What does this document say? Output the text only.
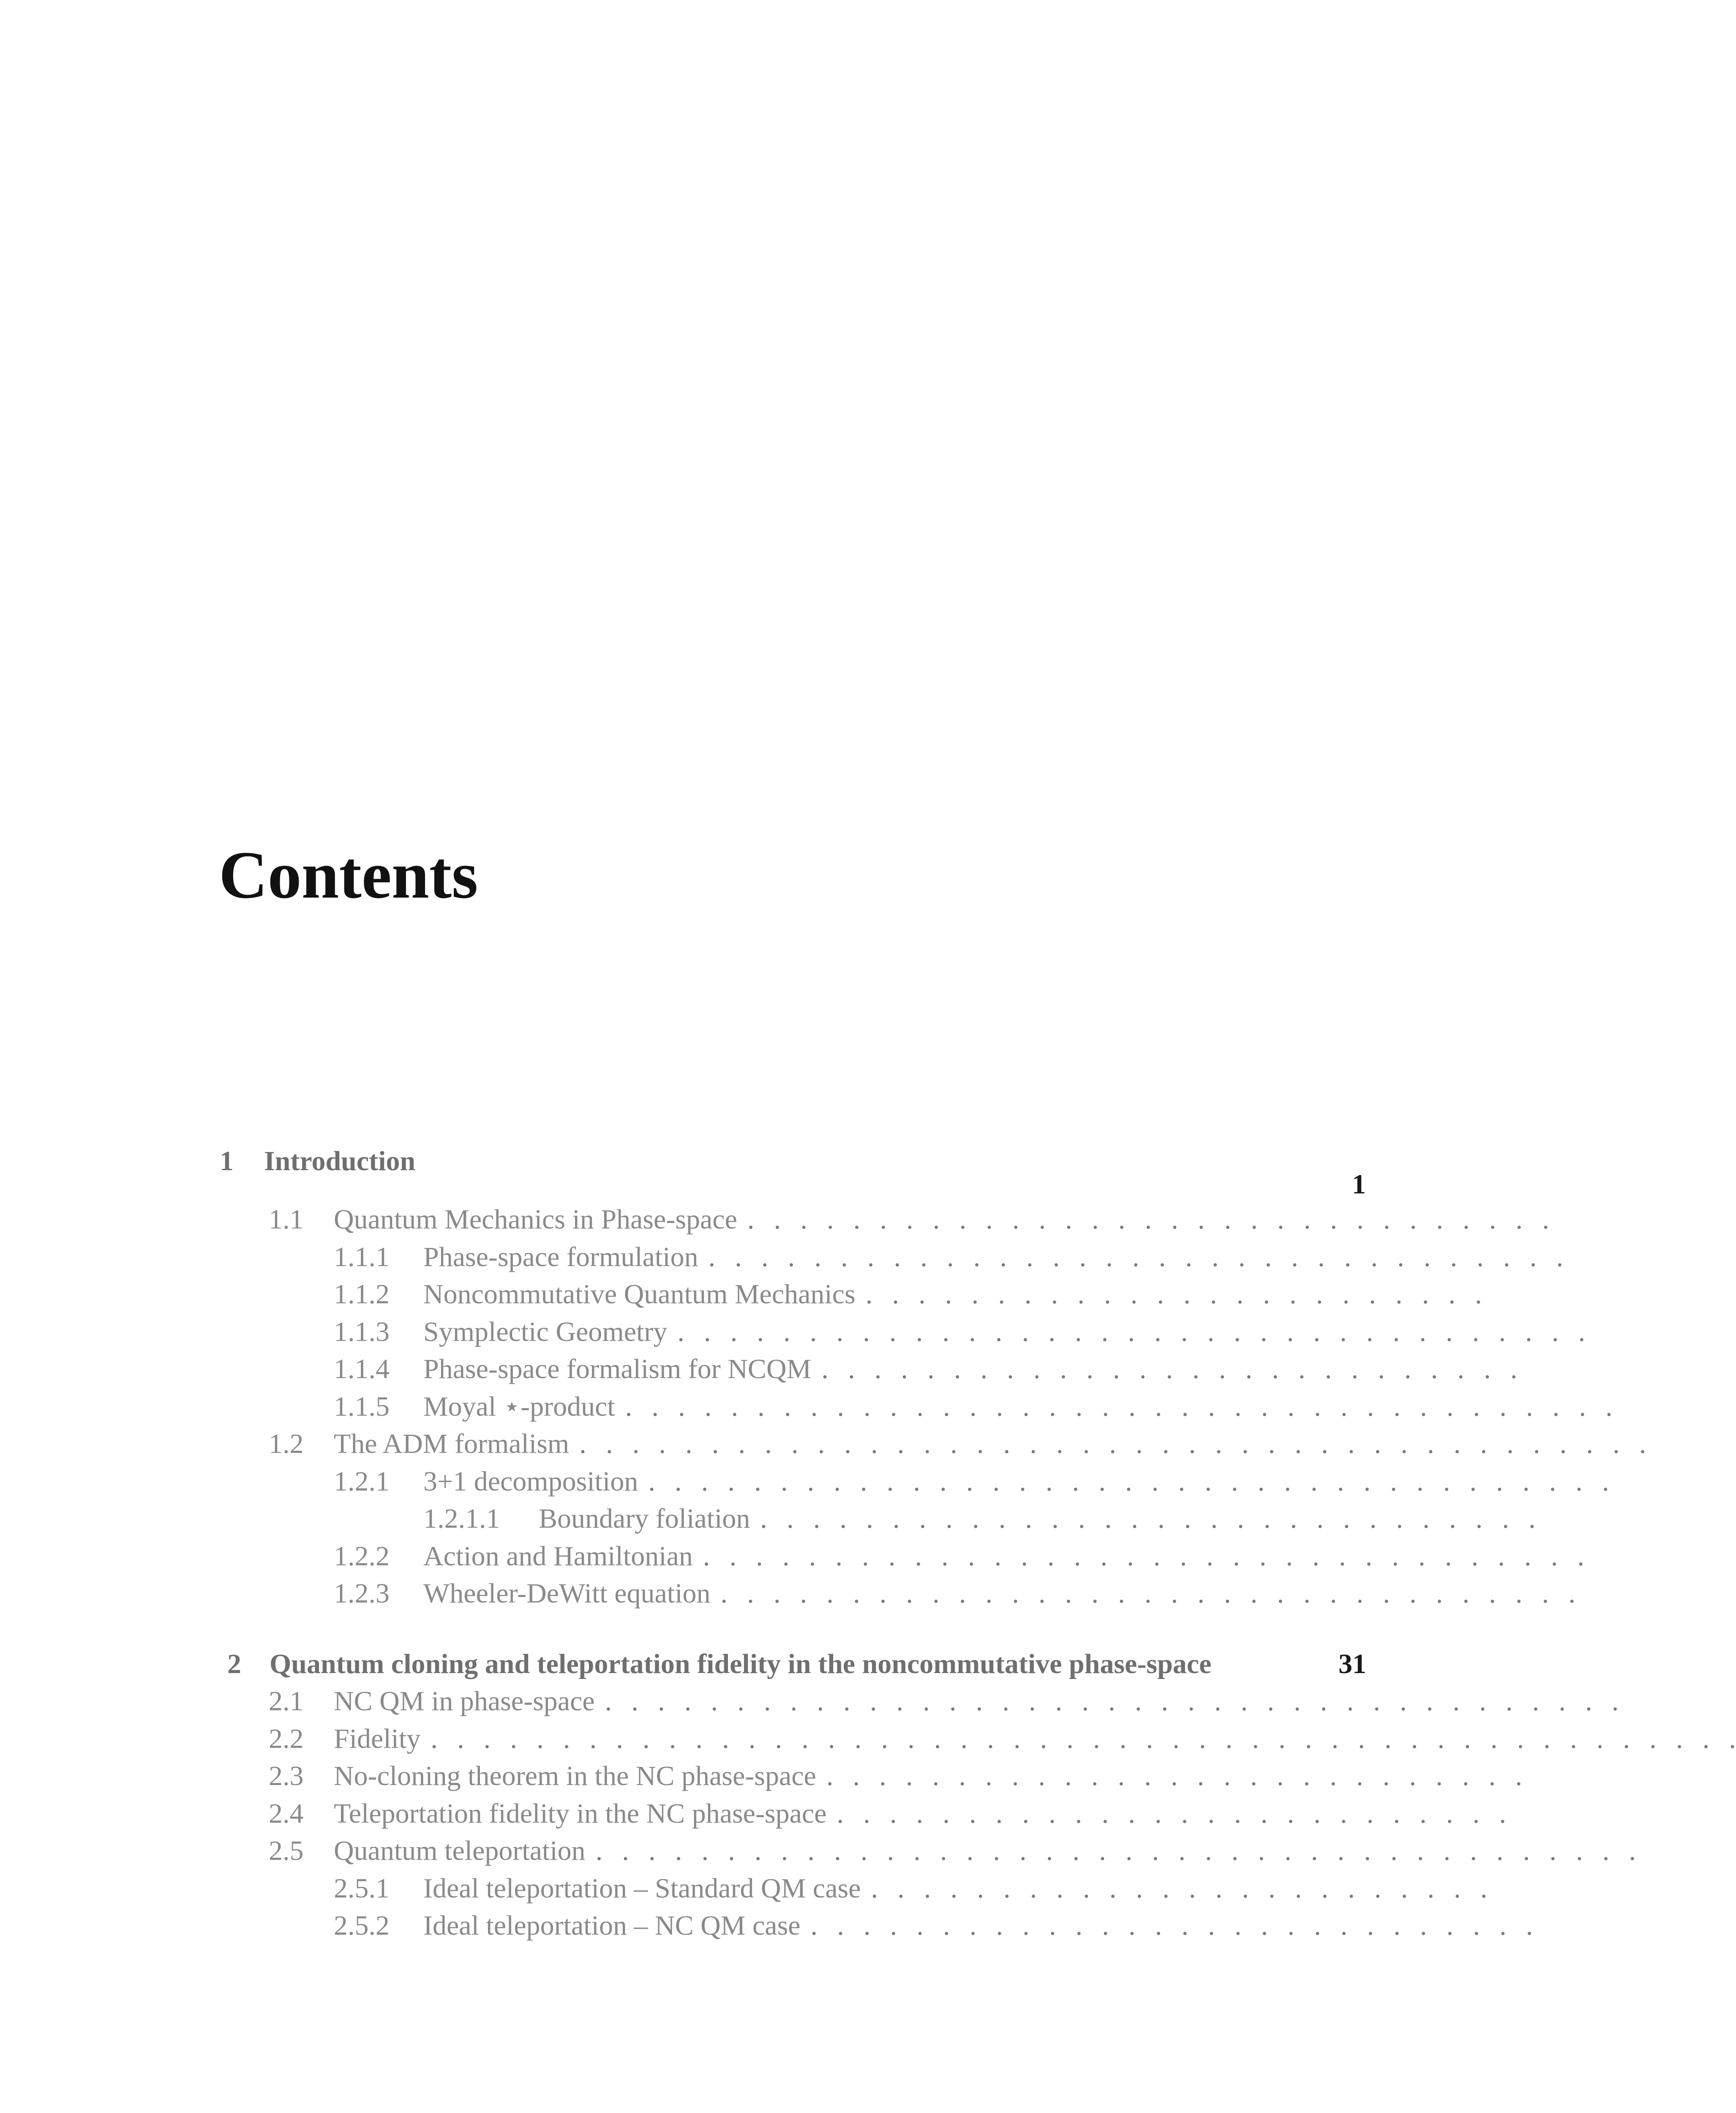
Contents
1 Introduction
1
1.1 Quantum Mechanics in Phase-space .  .  .  .  .  .  .  .  .  .  .  .  .  .  .  .  .  .  .  .  .  .  .  .  .  .  .  .  .  .  .
1.1.1 Phase-space formulation .  .  .  .  .  .  .  .  .  .  .  .  .  .  .  .  .  .  .  .  .  .  .  .  .  .  .  .  .  .  .  .  .
1.1.2 Noncommutative Quantum Mechanics .  .  .  .  .  .  .  .  .  .  .  .  .  .  .  .  .  .  .  .  .  .  .  .
1.1.3 Symplectic Geometry .  .  .  .  .  .  .  .  .  .  .  .  .  .  .  .  .  .  .  .  .  .  .  .  .  .  .  .  .  .  .  .  .  .  .
1.1.4 Phase-space formalism for NCQM .  .  .  .  .  .  .  .  .  .  .  .  .  .  .  .  .  .  .  .  .  .  .  .  .  .  .
1.1.5 Moyal ⋆-product .  .  .  .  .  .  .  .  .  .  .  .  .  .  .  .  .  .  .  .  .  .  .  .  .  .  .  .  .  .  .  .  .  .  .  .  .  .
1.2 The ADM formalism .  .  .  .  .  .  .  .  .  .  .  .  .  .  .  .  .  .  .  .  .  .  .  .  .  .  .  .  .  .  .  .  .  .  .  .  .  .  .  .  .
1.2.1 3+1 decomposition .  .  .  .  .  .  .  .  .  .  .  .  .  .  .  .  .  .  .  .  .  .  .  .  .  .  .  .  .  .  .  .  .  .  .  .  .
1.2.1.1 Boundary foliation .  .  .  .  .  .  .  .  .  .  .  .  .  .  .  .  .  .  .  .  .  .  .  .  .  .  .  .  .  .
1.2.2 Action and Hamiltonian .  .  .  .  .  .  .  .  .  .  .  .  .  .  .  .  .  .  .  .  .  .  .  .  .  .  .  .  .  .  .  .  .  .
1.2.3 Wheeler-DeWitt equation .  .  .  .  .  .  .  .  .  .  .  .  .  .  .  .  .  .  .  .  .  .  .  .  .  .  .  .  .  .  .  .  .
2 Quantum cloning and teleportation fidelity in the noncommutative phase-space	31
2.1 NC QM in phase-space .  .  .  .  .  .  .  .  .  .  .  .  .  .  .  .  .  .  .  .  .  .  .  .  .  .  .  .  .  .  .  .  .  .  .  .  .  .  .
2.2 Fidelity .  .  .  .  .  .  .  .  .  .  .  .  .  .  .  .  .  .  .  .  .  .  .  .  .  .  .  .  .  .  .  .  .  .  .  .  .  .  .  .  .  .  .  .  .  .  .  .  .  .
2.3 No-cloning theorem in the NC phase-space .  .  .  .  .  .  .  .  .  .  .  .  .  .  .  .  .  .  .  .  .  .  .  .  .  .  .
2.4 Teleportation fidelity in the NC phase-space .  .  .  .  .  .  .  .  .  .  .  .  .  .  .  .  .  .  .  .  .  .  .  .  .  .
2.5 Quantum teleportation .  .  .  .  .  .  .  .  .  .  .  .  .  .  .  .  .  .  .  .  .  .  .  .  .  .  .  .  .  .  .  .  .  .  .  .  .  .  .  .
2.5.1 Ideal teleportation – Standard QM case .  .  .  .  .  .  .  .  .  .  .  .  .  .  .  .  .  .  .  .  .  .  .  .
2.5.2 Ideal teleportation – NC QM case .  .  .  .  .  .  .  .  .  .  .  .  .  .  .  .  .  .  .  .  .  .  .  .  .  .  .  .
